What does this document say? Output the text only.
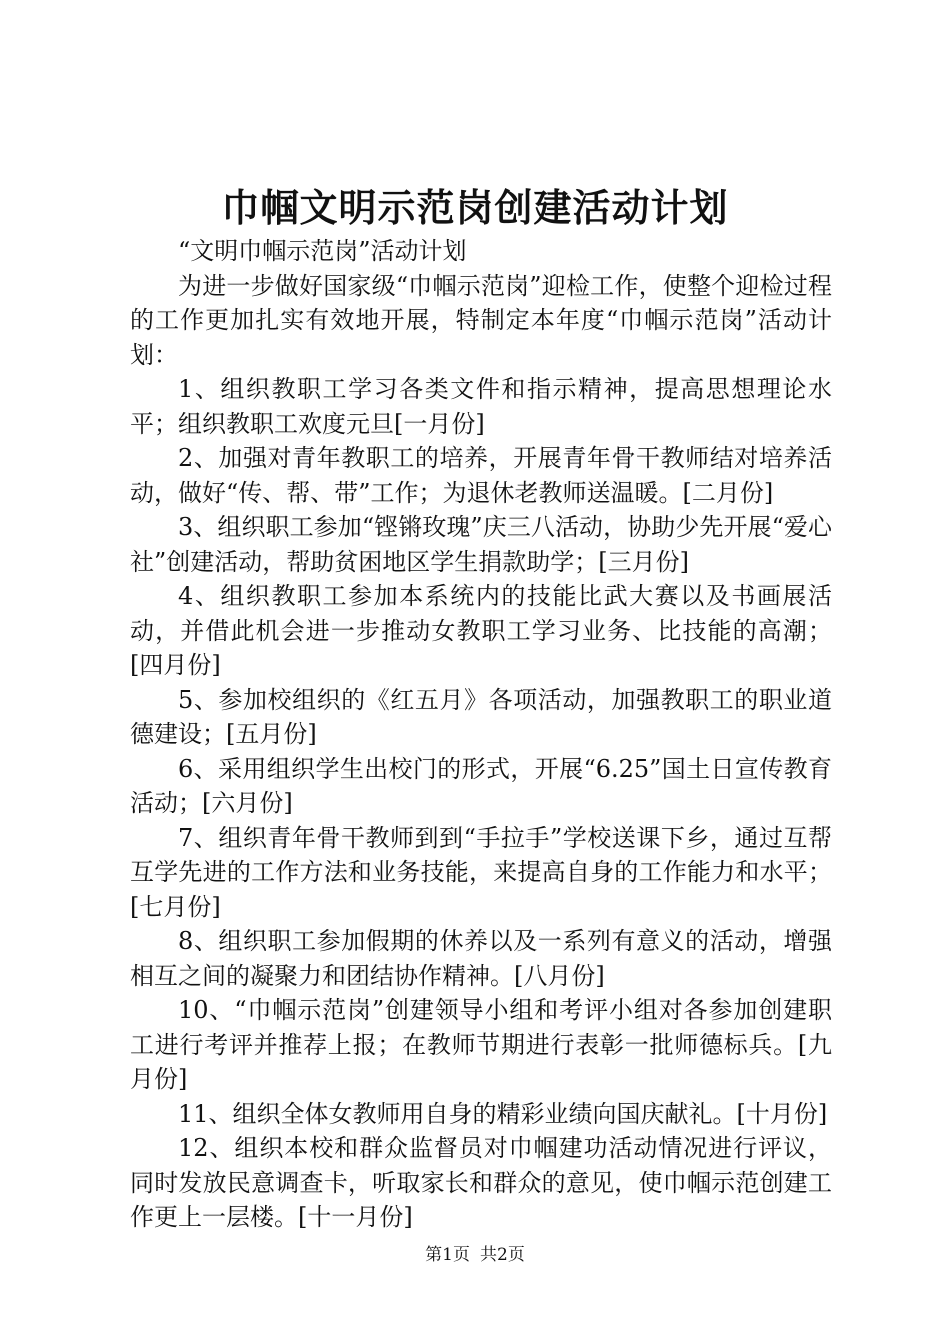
巾帼文明示范岗创建活动计划

“文明巾帼示范岗”活动计划

为进一步做好国家级“巾帼示范岗”迎检工作，使整个迎检过程的工作更加扎实有效地开展，特制定本年度“巾帼示范岗”活动计划：

1、组织教职工学习各类文件和指示精神，提高思想理论水平；组织教职工欢度元旦[一月份]

2、加强对青年教职工的培养，开展青年骨干教师结对培养活动，做好“传、帮、带”工作；为退休老教师送温暖。[二月份]

3、组织职工参加“铿锵玫瑰”庆三八活动，协助少先开展“爱心社”创建活动，帮助贫困地区学生捐款助学；[三月份]

4、组织教职工参加本系统内的技能比武大赛以及书画展活动，并借此机会进一步推动女教职工学习业务、比技能的高潮；[四月份]

5、参加校组织的《红五月》各项活动，加强教职工的职业道德建设；[五月份]

6、采用组织学生出校门的形式，开展“6.25”国土日宣传教育活动；[六月份]

7、组织青年骨干教师到到“手拉手”学校送课下乡，通过互帮互学先进的工作方法和业务技能，来提高自身的工作能力和水平；[七月份]

8、组织职工参加假期的休养以及一系列有意义的活动，增强相互之间的凝聚力和团结协作精神。[八月份]

10、“巾帼示范岗”创建领导小组和考评小组对各参加创建职工进行考评并推荐上报；在教师节期进行表彰一批师德标兵。[九月份]

11、组织全体女教师用自身的精彩业绩向国庆献礼。[十月份]

12、组织本校和群众监督员对巾帼建功活动情况进行评议，同时发放民意调查卡，听取家长和群众的意见，使巾帼示范创建工作更上一层楼。[十一月份]

第1页 共2页
